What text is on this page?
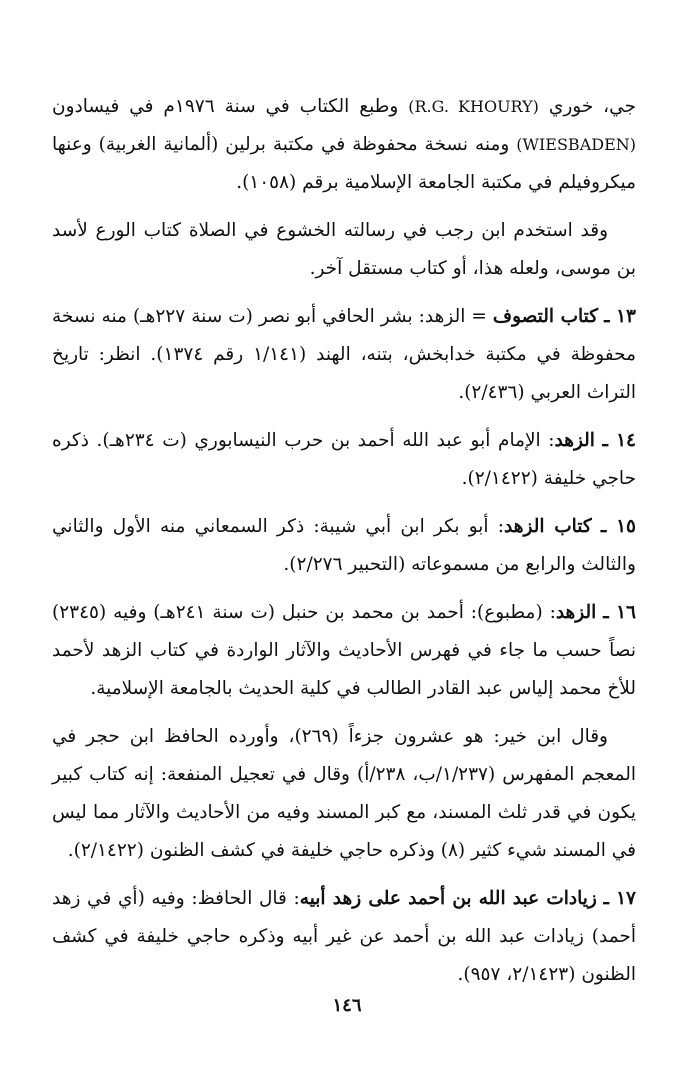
جي، خوري (R.G. KHOURY) وطبع الكتاب في سنة ١٩٧٦م في فيسادون (WIESBADEN) ومنه نسخة محفوظة في مكتبة برلين (ألمانية الغربية) وعنها ميكروفيلم في مكتبة الجامعة الإسلامية برقم (١٠٥٨).

وقد استخدم ابن رجب في رسالته الخشوع في الصلاة كتاب الورع لأسد بن موسى، ولعله هذا، أو كتاب مستقل آخر.

١٣ ـ كتاب التصوف = الزهد: بشر الحافي أبو نصر (ت سنة ٢٢٧هـ) منه نسخة محفوظة في مكتبة خدابخش، بتنه، الهند (١/١٤١ رقم ١٣٧٤). انظر: تاريخ التراث العربي (٢/٤٣٦).

١٤ ـ الزهد: الإمام أبو عبد الله أحمد بن حرب النيسابوري (ت ٢٣٤هـ). ذكره حاجي خليفة (٢/١٤٢٢).

١٥ ـ كتاب الزهد: أبو بكر ابن أبي شيبة: ذكر السمعاني منه الأول والثاني والثالث والرابع من مسموعاته (التحبير ٢/٢٧٦).

١٦ ـ الزهد: (مطبوع): أحمد بن محمد بن حنبل (ت سنة ٢٤١هـ) وفيه (٢٣٤٥) نصاً حسب ما جاء في فهرس الأحاديث والآثار الواردة في كتاب الزهد لأحمد للأخ محمد إلياس عبد القادر الطالب في كلية الحديث بالجامعة الإسلامية.

وقال ابن خير: هو عشرون جزءاً (٢٦٩)، وأورده الحافظ ابن حجر في المعجم المفهرس (١/٢٣٧/ب، ٢٣٨/أ) وقال في تعجيل المنفعة: إنه كتاب كبير يكون في قدر ثلث المسند، مع كبر المسند وفيه من الأحاديث والآثار مما ليس في المسند شيء كثير (٨) وذكره حاجي خليفة في كشف الظنون (٢/١٤٢٢).

١٧ ـ زيادات عبد الله بن أحمد على زهد أبيه: قال الحافظ: وفيه (أي في زهد أحمد) زيادات عبد الله بن أحمد عن غير أبيه وذكره حاجي خليفة في كشف الظنون (٢/١٤٢٣، ٩٥٧).

١٤٦
